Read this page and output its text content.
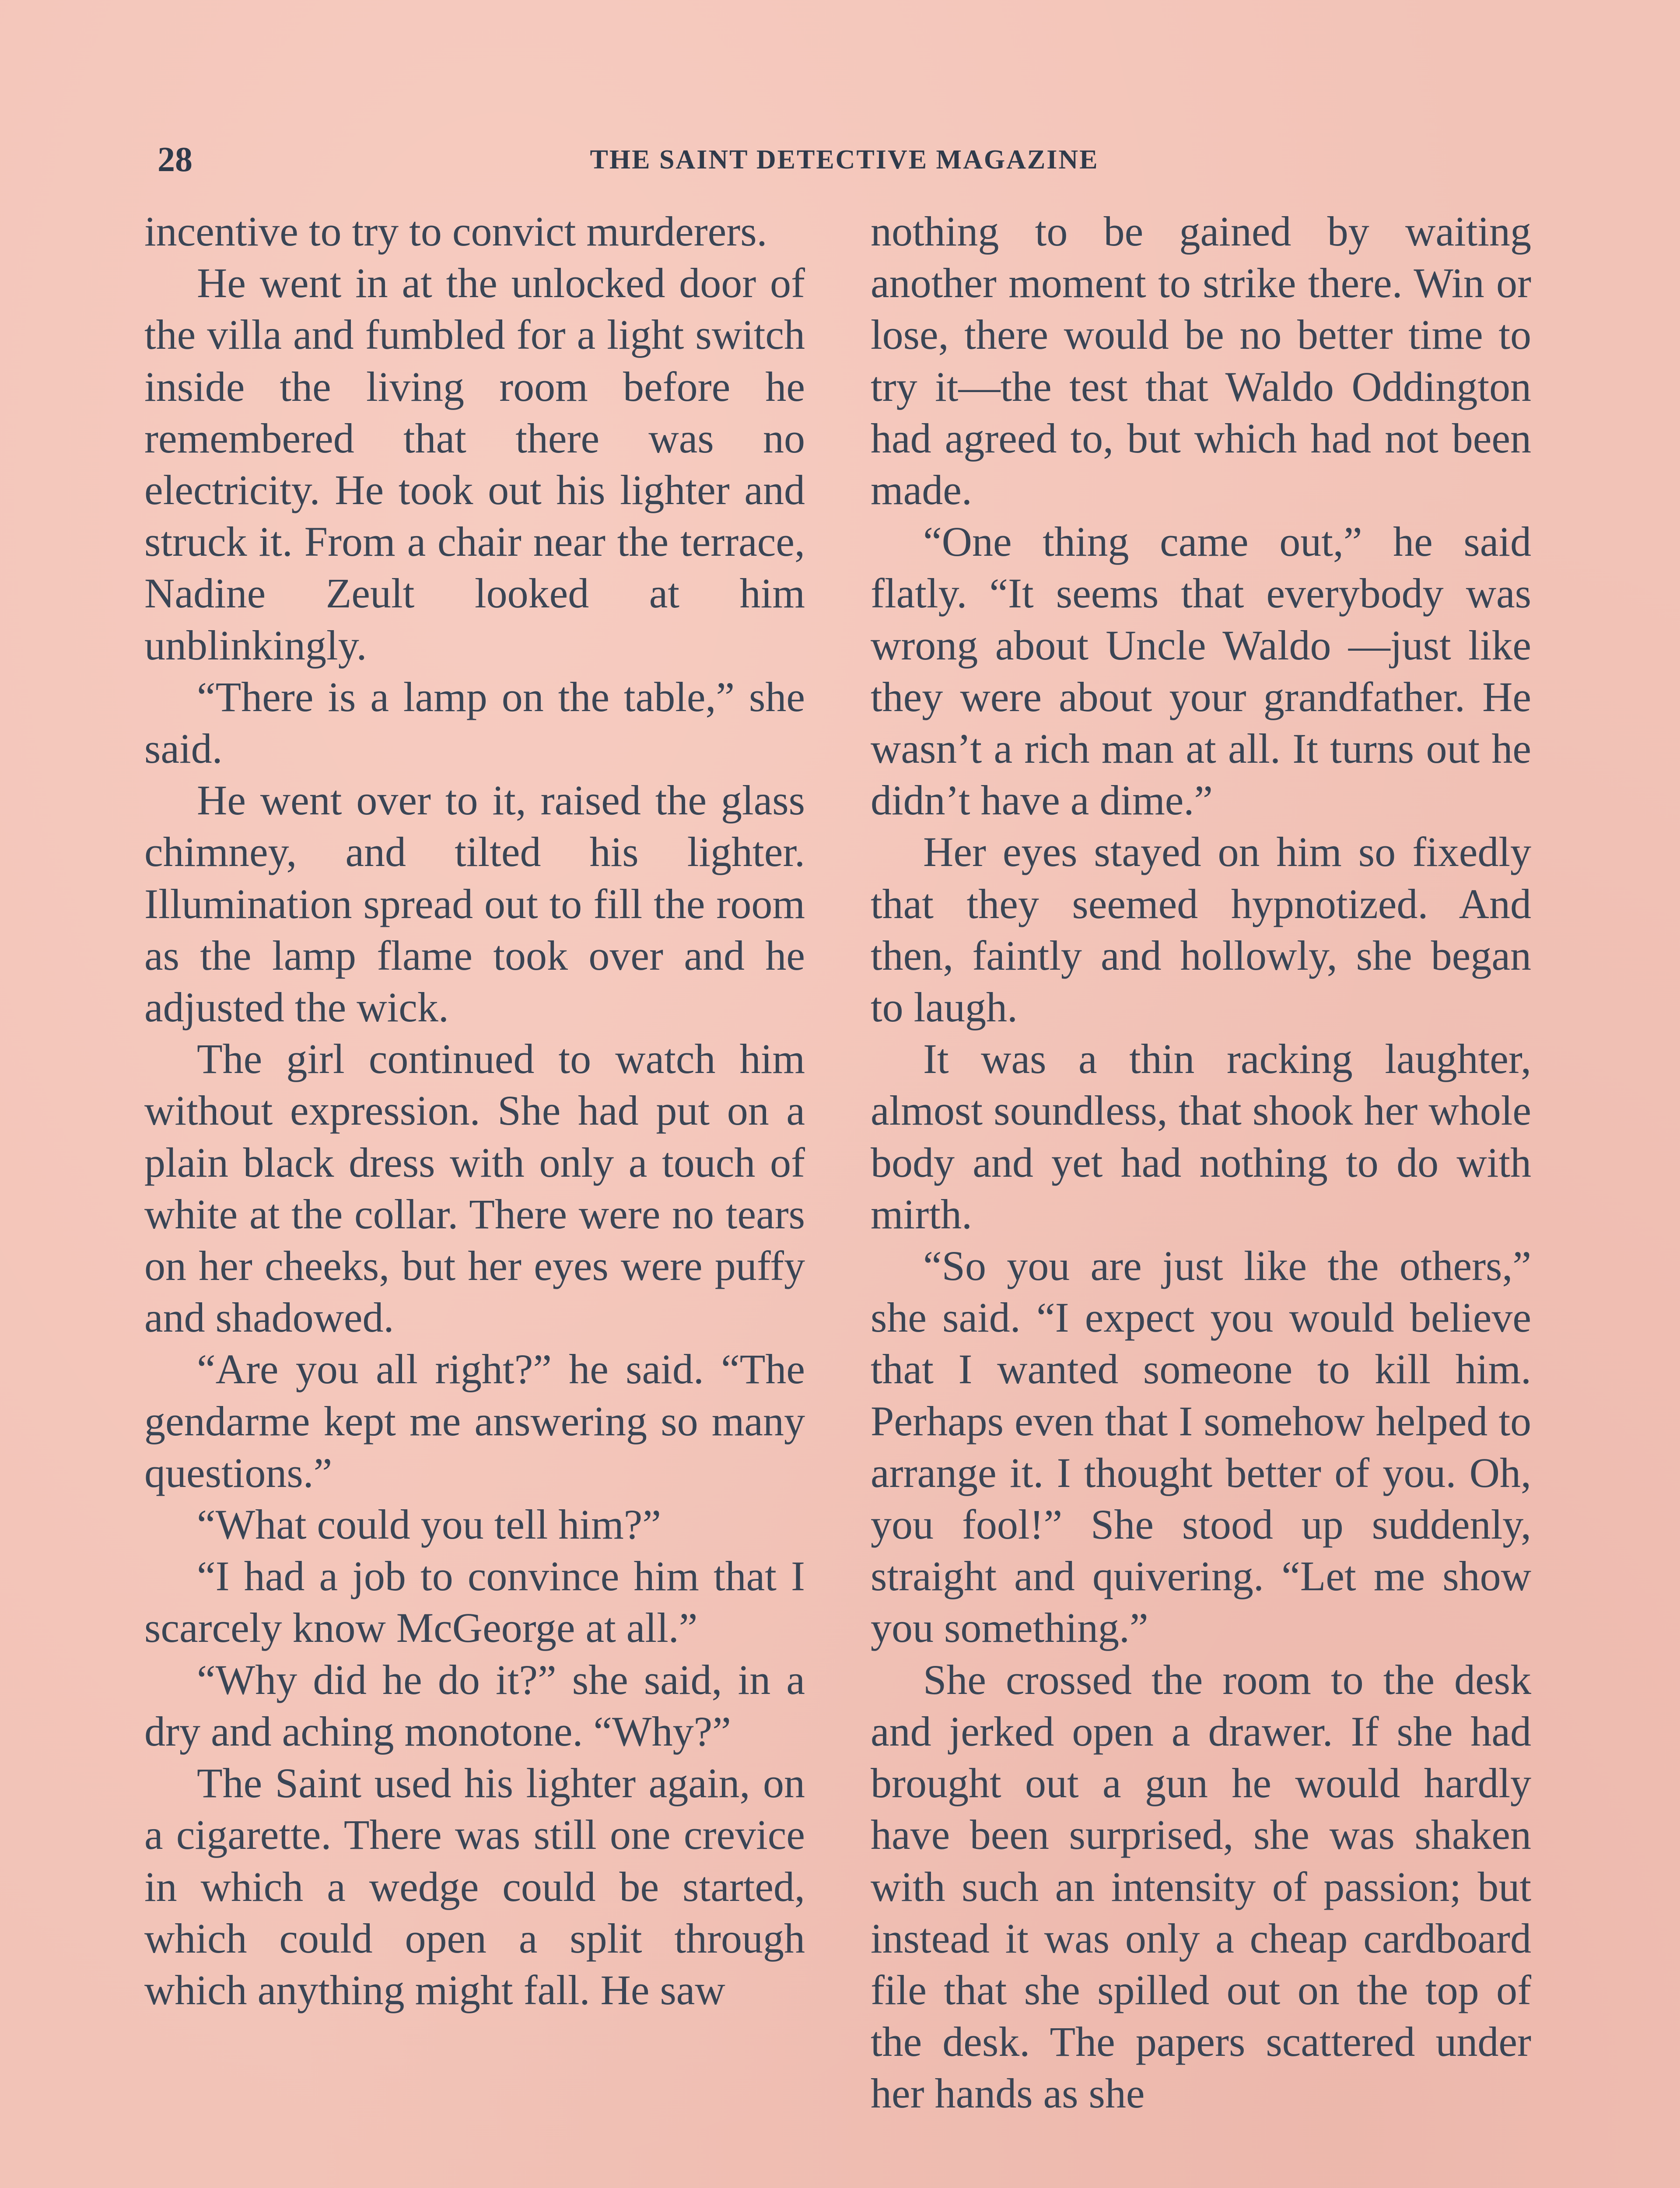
28	THE SAINT DETECTIVE MAGAZINE

incentive to try to convict murderers.

He went in at the unlocked door of the villa and fumbled for a light switch inside the living room before he remembered that there was no electricity. He took out his lighter and struck it. From a chair near the terrace, Nadine Zeult looked at him unblinkingly.

“There is a lamp on the table,” she said.

He went over to it, raised the glass chimney, and tilted his lighter. Illumination spread out to fill the room as the lamp flame took over and he adjusted the wick.

The girl continued to watch him without expression. She had put on a plain black dress with only a touch of white at the collar. There were no tears on her cheeks, but her eyes were puffy and shadowed.

“Are you all right?” he said. “The gendarme kept me answering so many questions.”

“What could you tell him?”

“I had a job to convince him that I scarcely know McGeorge at all.”

“Why did he do it?” she said, in a dry and aching monotone. “Why?”

The Saint used his lighter again, on a cigarette. There was still one crevice in which a wedge could be started, which could open a split through which anything might fall. He saw

nothing to be gained by waiting another moment to strike there. Win or lose, there would be no better time to try it—the test that Waldo Oddington had agreed to, but which had not been made.

“One thing came out,” he said flatly. “It seems that everybody was wrong about Uncle Waldo —just like they were about your grandfather. He wasn’t a rich man at all. It turns out he didn’t have a dime.”

Her eyes stayed on him so fixedly that they seemed hypnotized. And then, faintly and hollowly, she began to laugh.

It was a thin racking laughter, almost soundless, that shook her whole body and yet had nothing to do with mirth.

“So you are just like the others,” she said. “I expect you would believe that I wanted someone to kill him. Perhaps even that I somehow helped to arrange it. I thought better of you. Oh, you fool!” She stood up suddenly, straight and quivering. “Let me show you something.”

She crossed the room to the desk and jerked open a drawer. If she had brought out a gun he would hardly have been surprised, she was shaken with such an intensity of passion; but instead it was only a cheap cardboard file that she spilled out on the top of the desk. The papers scattered under her hands as she
